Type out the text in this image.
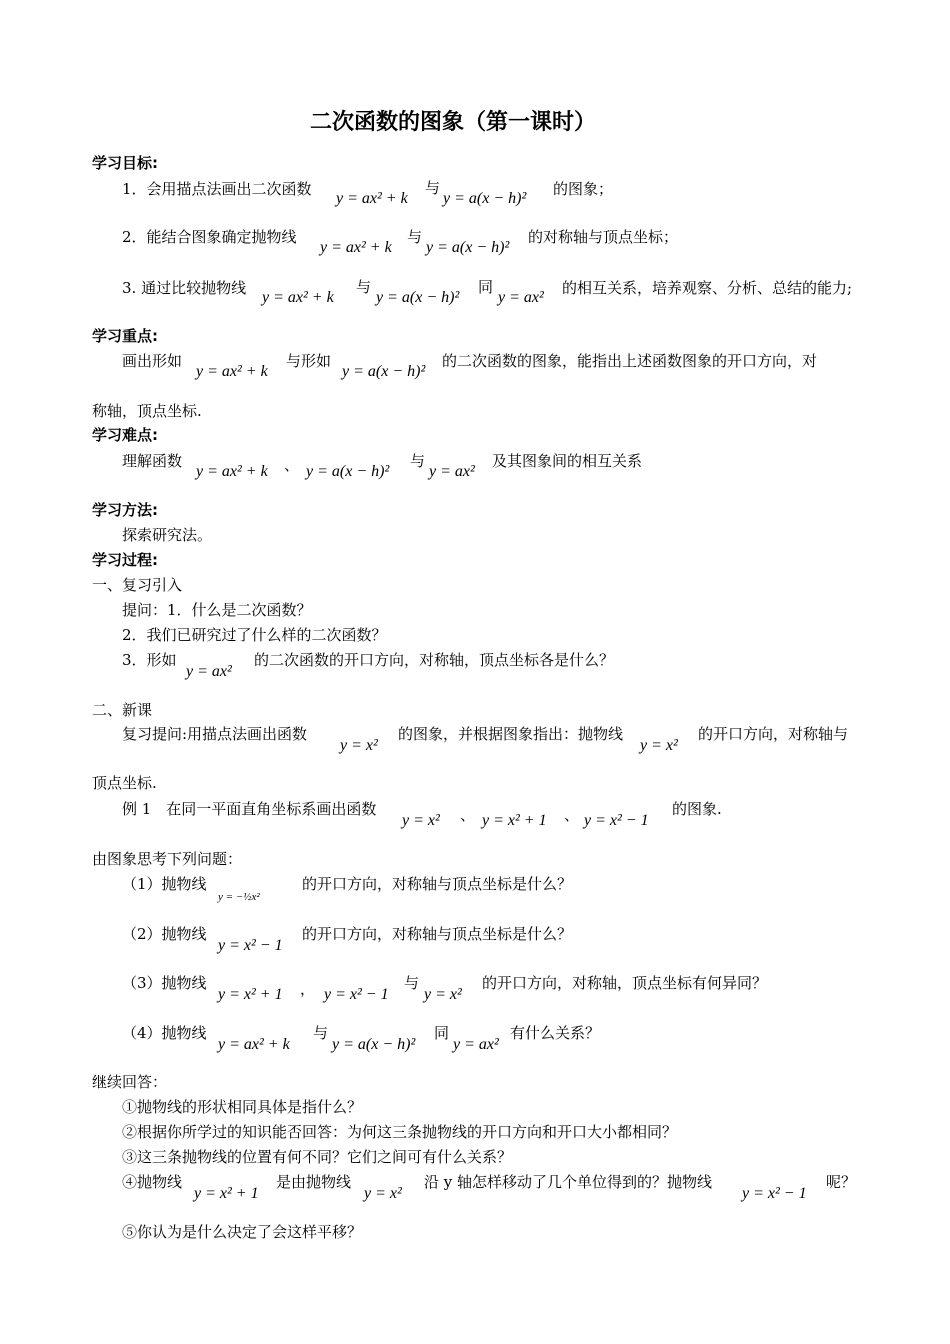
二次函数的图象（第一课时）
学习目标:
1．会用描点法画出二次函数
y = ax² + k
与
y = a(x − h)²
的图象；
2．能结合图象确定抛物线
y = ax² + k
与
y = a(x − h)²
的对称轴与顶点坐标；
3. 通过比较抛物线
y = ax² + k
与
y = a(x − h)²
同
y = ax²
的相互关系，培养观察、分析、总结的能力;
学习重点:
画出形如
y = ax² + k
与形如
y = a(x − h)²
的二次函数的图象，能指出上述函数图象的开口方向，对
称轴，顶点坐标.
学习难点:
理解函数
y = ax² + k 、 y = a(x − h)²
与
y = ax²
及其图象间的相互关系
学习方法:
探索研究法。
学习过程:
一、复习引入
提问：1．什么是二次函数？
2．我们已研究过了什么样的二次函数？
3．形如
y = ax²
的二次函数的开口方向，对称轴，顶点坐标各是什么？
二、新课
复习提问:用描点法画出函数
y = x²
的图象，并根据图象指出：抛物线
y = x²
的开口方向，对称轴与
顶点坐标.
例 1　在同一平面直角坐标系画出函数
y = x² 、 y = x² + 1 、 y = x² − 1
的图象.
由图象思考下列问题：
（1）抛物线
y = −½x²
的开口方向，对称轴与顶点坐标是什么？
（2）抛物线
y = x² − 1
的开口方向，对称轴与顶点坐标是什么？
（3）抛物线
y = x² + 1 ， y = x² − 1
与
y = x²
的开口方向，对称轴，顶点坐标有何异同？
（4）抛物线
y = ax² + k
与
y = a(x − h)²
同
y = ax²
有什么关系？
继续回答：
①抛物线的形状相同具体是指什么？
②根据你所学过的知识能否回答：为何这三条抛物线的开口方向和开口大小都相同？
③这三条抛物线的位置有何不同？它们之间可有什么关系？
④抛物线
y = x² + 1
是由抛物线
y = x²
沿 y 轴怎样移动了几个单位得到的？抛物线
y = x² − 1
呢？
⑤你认为是什么决定了会这样平移？
